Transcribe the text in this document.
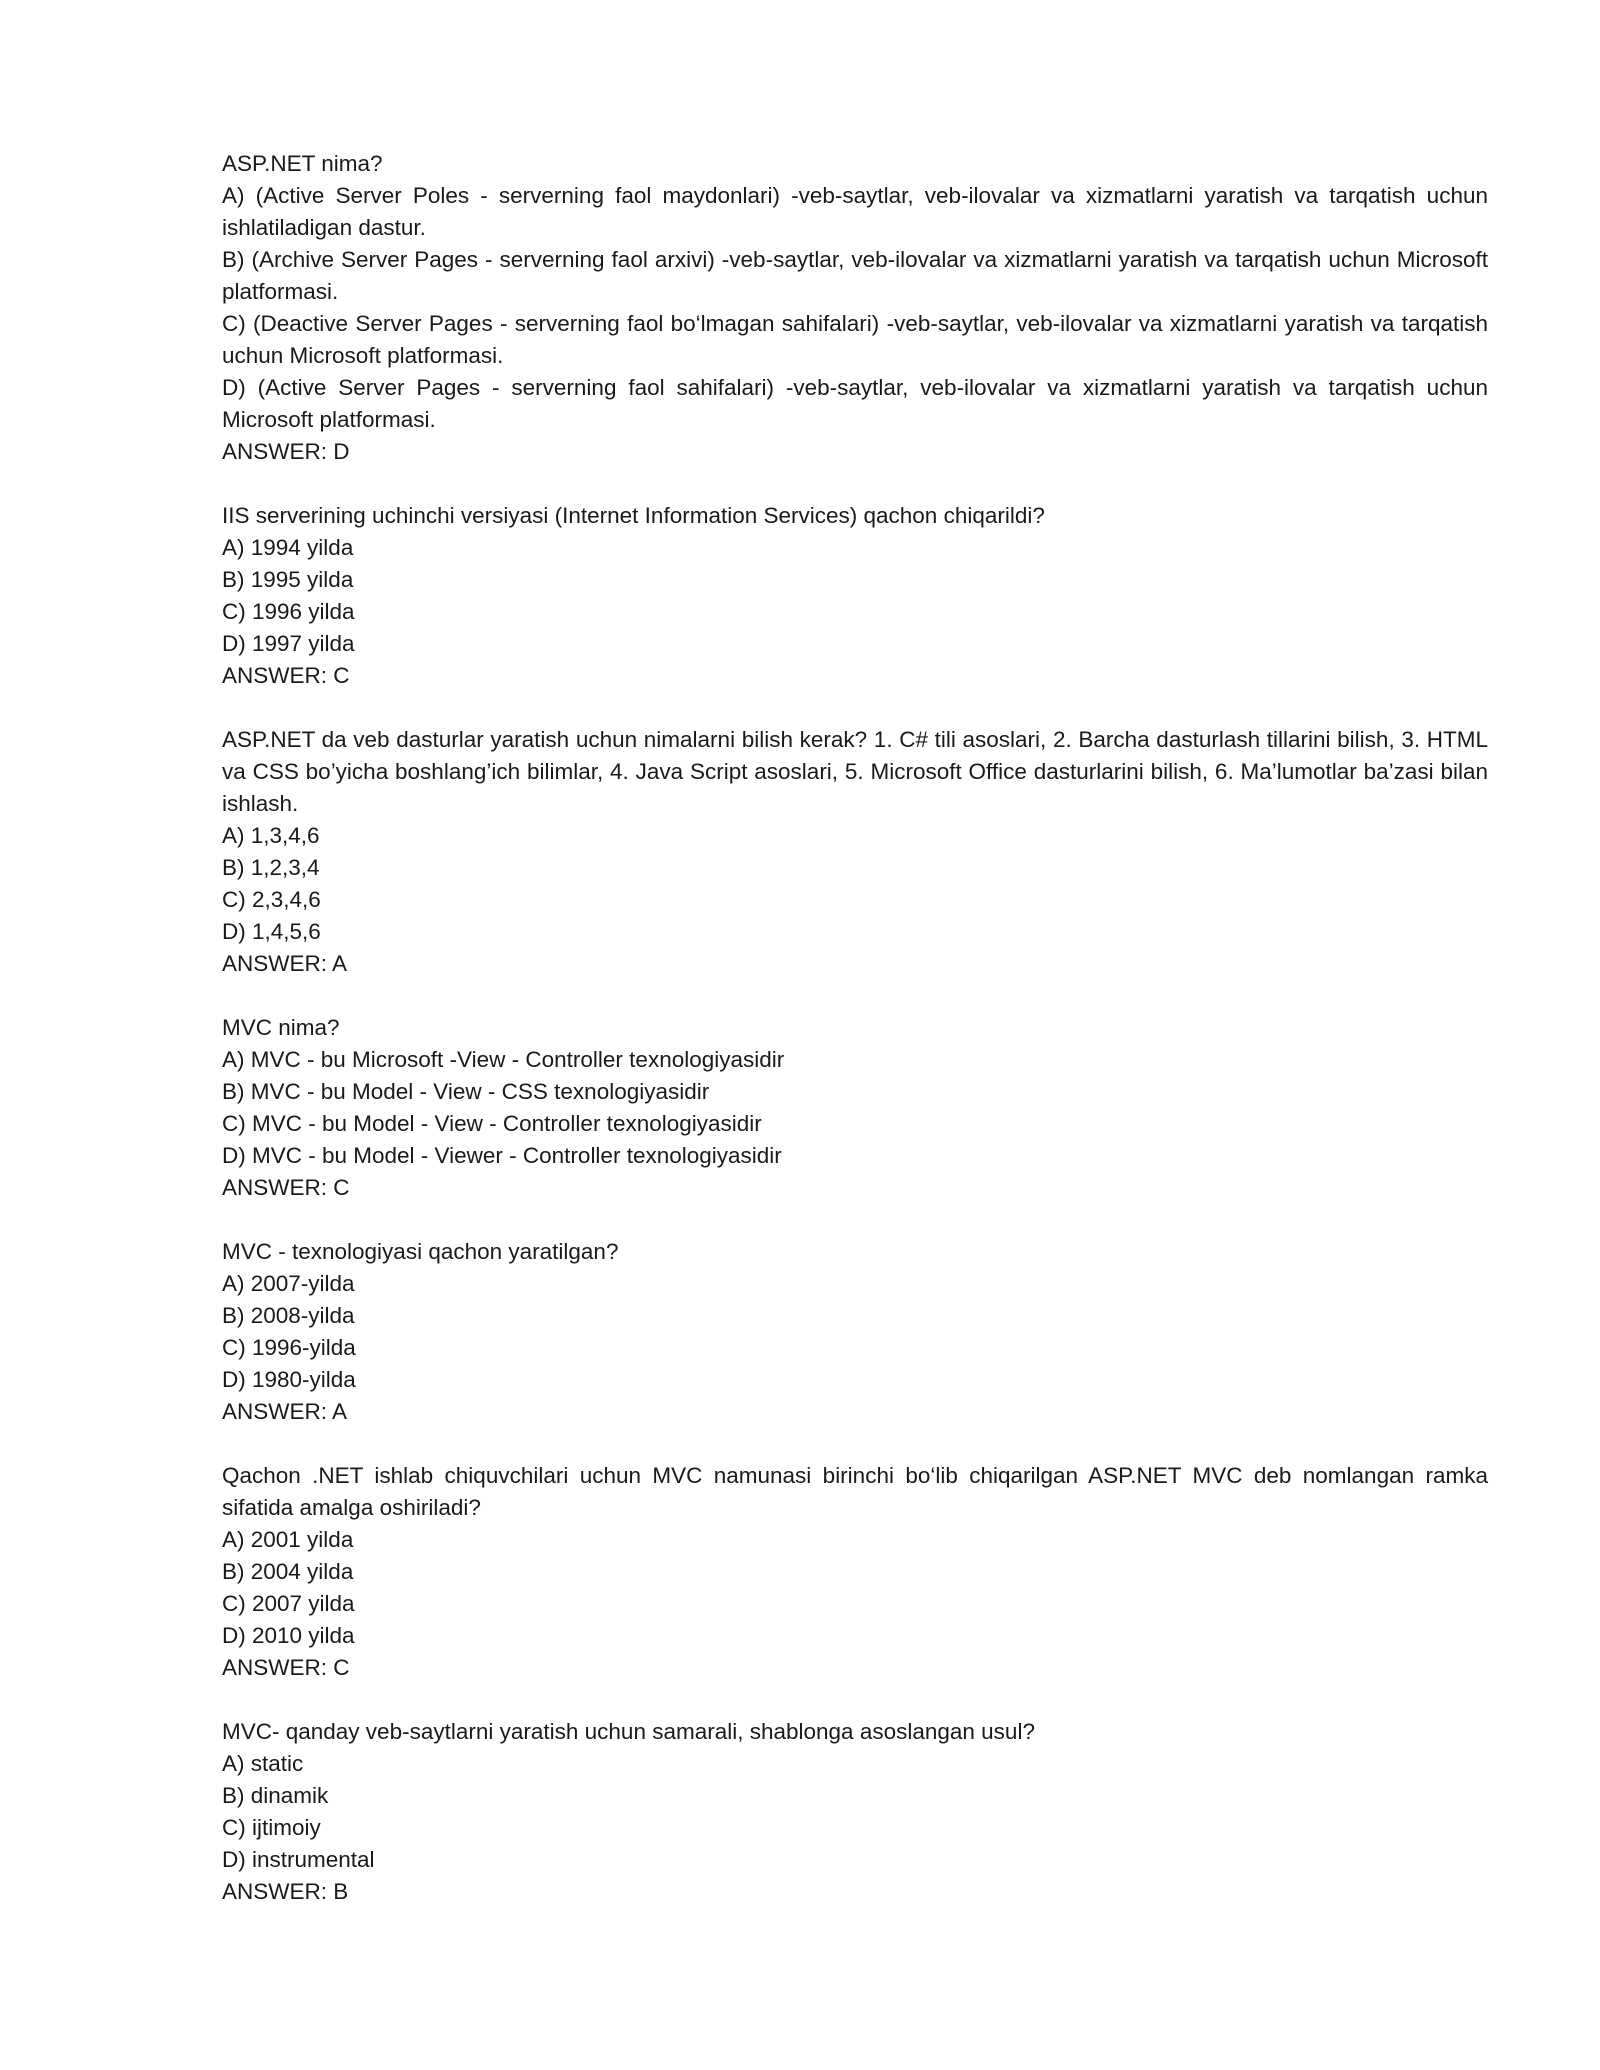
ASP.NET nima?

A) (Active Server Poles - serverning faol maydonlari) -veb-saytlar, veb-ilovalar va xizmatlarni yaratish va tarqatish uchun ishlatiladigan dastur.

B) (Archive Server Pages - serverning faol arxivi) -veb-saytlar, veb-ilovalar va xizmatlarni yaratish va tarqatish uchun Microsoft platformasi.

C) (Deactive Server Pages - serverning faol bo‘lmagan sahifalari) -veb-saytlar, veb-ilovalar va xizmatlarni yaratish va tarqatish uchun Microsoft platformasi.

D) (Active Server Pages - serverning faol sahifalari) -veb-saytlar, veb-ilovalar va xizmatlarni yaratish va tarqatish uchun Microsoft platformasi.

ANSWER: D

IIS serverining uchinchi versiyasi (Internet Information Services) qachon chiqarildi?

A) 1994 yilda

B) 1995 yilda

C) 1996 yilda

D) 1997 yilda

ANSWER: C

ASP.NET da veb dasturlar yaratish uchun nimalarni bilish kerak? 1. C# tili asoslari, 2. Barcha dasturlash tillarini bilish, 3. HTML va CSS bo’yicha boshlang’ich bilimlar, 4. Java Script asoslari, 5. Microsoft Office dasturlarini bilish, 6. Ma’lumotlar ba’zasi bilan ishlash.

A) 1,3,4,6

B) 1,2,3,4

C) 2,3,4,6

D) 1,4,5,6

ANSWER: A

MVC nima?

A) MVC - bu Microsoft -View - Controller texnologiyasidir

B) MVC - bu Model - View - CSS texnologiyasidir

C) MVC - bu Model - View - Controller texnologiyasidir

D) MVC - bu Model - Viewer - Controller texnologiyasidir

ANSWER: C

MVC - texnologiyasi qachon yaratilgan?

A) 2007-yilda

B) 2008-yilda

C) 1996-yilda

D) 1980-yilda

ANSWER: A

Qachon .NET ishlab chiquvchilari uchun MVC namunasi birinchi bo‘lib chiqarilgan ASP.NET MVC deb nomlangan ramka sifatida amalga oshiriladi?

A) 2001 yilda

B) 2004 yilda

C) 2007 yilda

D) 2010 yilda

ANSWER: C

MVC- qanday veb-saytlarni yaratish uchun samarali, shablonga asoslangan usul?

A) static

B) dinamik

C) ijtimoiy

D) instrumental

ANSWER: B
